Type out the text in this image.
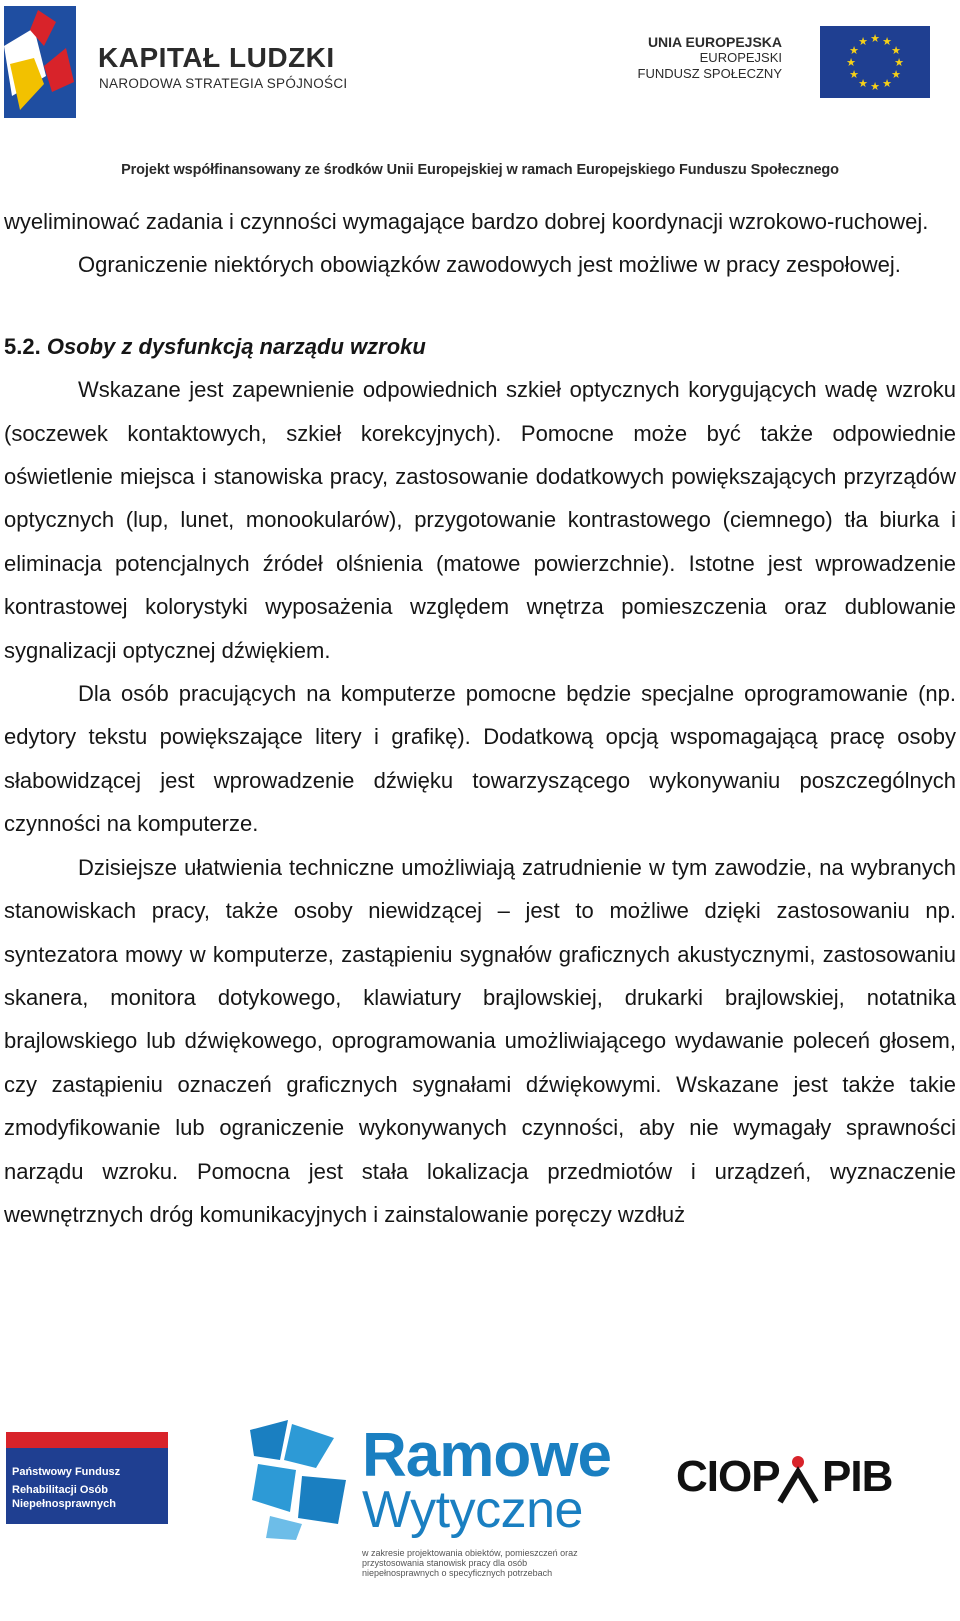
KAPITAŁ LUDZKI
NARODOWA STRATEGIA SPÓJNOŚCI
UNIA EUROPEJSKA
EUROPEJSKI
FUNDUSZ SPOŁECZNY
★ ★
★
★
★
★
★
★
★
★
★
★
Projekt współfinansowany ze środków Unii Europejskiej w ramach Europejskiego Funduszu Społecznego

wyeliminować zadania i czynności wymagające bardzo dobrej koordynacji wzrokowo-ruchowej.

Ograniczenie niektórych obowiązków zawodowych jest możliwe w pracy zespołowej.

5.2. Osoby z dysfunkcją narządu wzroku

Wskazane jest zapewnienie odpowiednich szkieł optycznych korygujących wadę wzroku (soczewek kontaktowych, szkieł korekcyjnych). Pomocne może być także odpowiednie oświetlenie miejsca i stanowiska pracy, zastosowanie dodatkowych powiększających przyrządów optycznych (lup, lunet, monookularów), przygotowanie kontrastowego (ciemnego) tła biurka i eliminacja potencjalnych źródeł olśnienia (matowe powierzchnie). Istotne jest wprowadzenie kontrastowej kolorystyki wyposażenia względem wnętrza pomieszczenia oraz dublowanie sygnalizacji optycznej dźwiękiem.

Dla osób pracujących na komputerze pomocne będzie specjalne oprogramowanie (np. edytory tekstu powiększające litery i grafikę). Dodatkową opcją wspomagającą pracę osoby słabowidzącej jest wprowadzenie dźwięku towarzyszącego wykonywaniu poszczególnych czynności na komputerze.

Dzisiejsze ułatwienia techniczne umożliwiają zatrudnienie w tym zawodzie, na wybranych stanowiskach pracy, także osoby niewidzącej – jest to możliwe dzięki zastosowaniu np. syntezatora mowy w komputerze, zastąpieniu sygnałów graficznych akustycznymi, zastosowaniu skanera, monitora dotykowego, klawiatury brajlowskiej, drukarki brajlowskiej, notatnika brajlowskiego lub dźwiękowego, oprogramowania umożliwiającego wydawanie poleceń głosem, czy zastąpieniu oznaczeń graficznych sygnałami dźwiękowymi. Wskazane jest także takie zmodyfikowanie lub ograniczenie wykonywanych czynności, aby nie wymagały sprawności narządu wzroku. Pomocna jest stała lokalizacja przedmiotów i urządzeń, wyznaczenie wewnętrznych dróg komunikacyjnych i zainstalowanie poręczy wzdłuż

Państwowy Fundusz
Rehabilitacji Osób
Niepełnosprawnych
Ramowe
Wytyczne
w zakresie projektowania obiektów, pomieszczeń oraz przystosowania stanowisk pracy dla osób niepełnosprawnych o specyficznych potrzebach
CIOP PIB
